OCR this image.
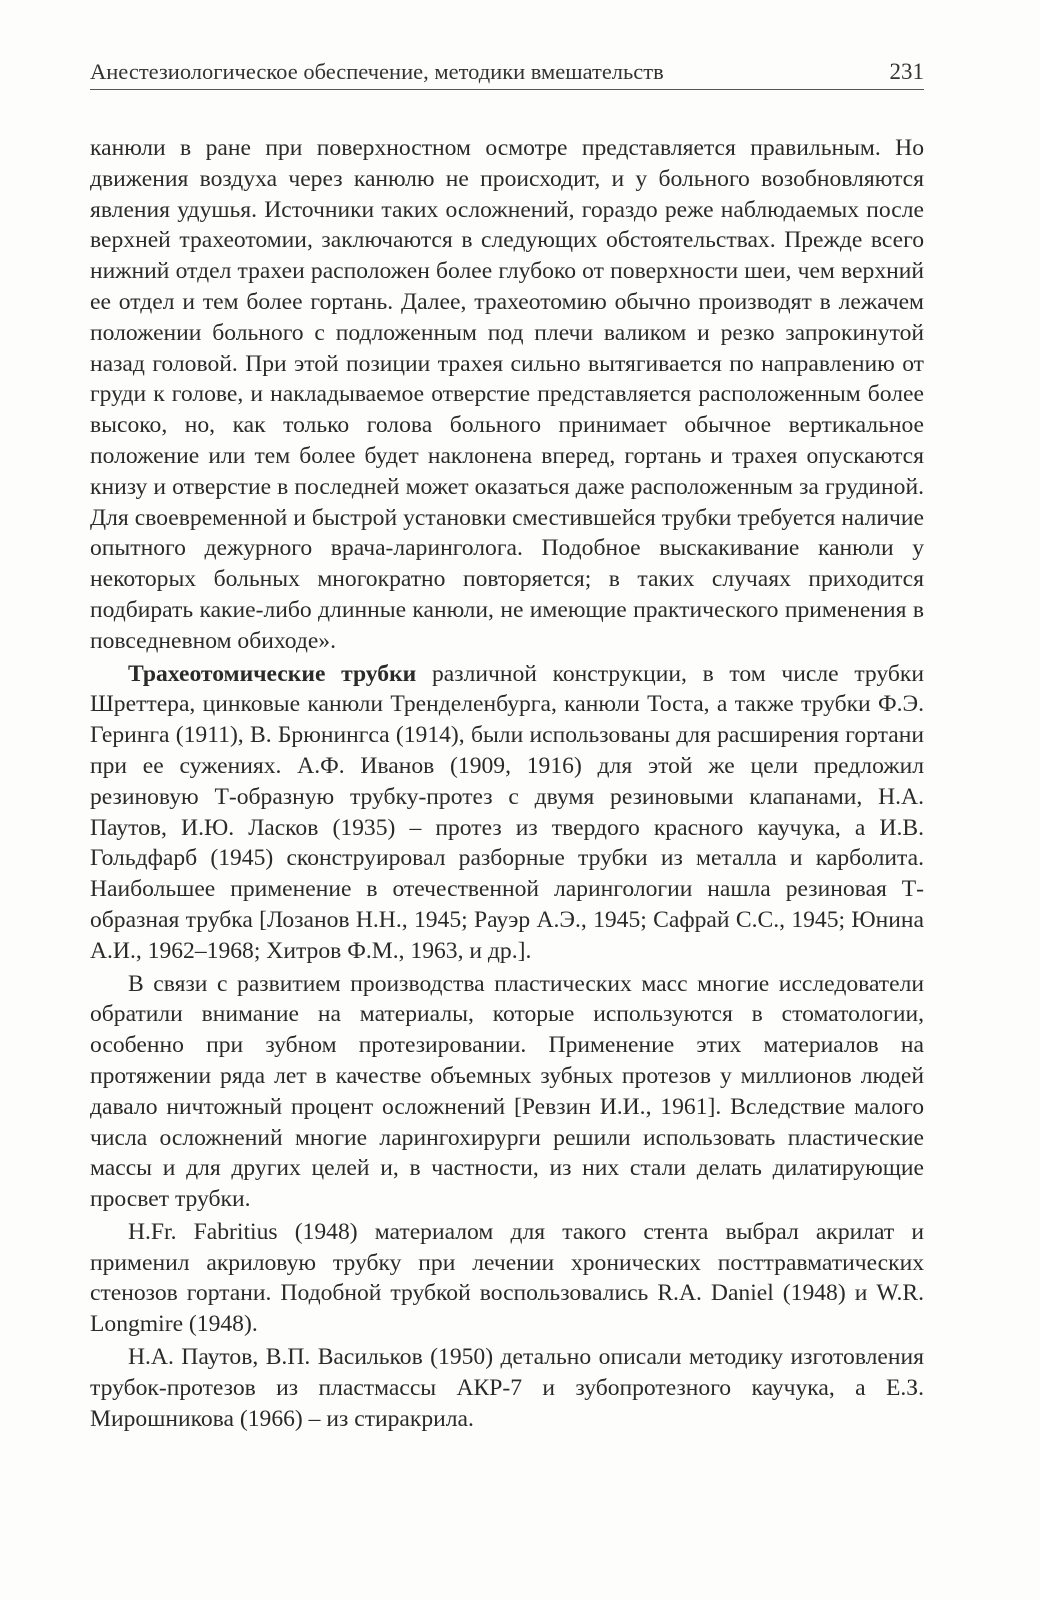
Анестезиологическое обеспечение, методики вмешательств	231

канюли в ране при поверхностном осмотре представляется правильным. Но движения воздуха через канюлю не происходит, и у больного возобновляются явления удушья. Источники таких осложнений, гораздо реже наблюдаемых после верхней трахеотомии, заключаются в следующих обстоятельствах. Прежде всего нижний отдел трахеи расположен более глубоко от поверхности шеи, чем верхний ее отдел и тем более гортань. Далее, трахеотомию обычно производят в лежачем положении больного с подложенным под плечи валиком и резко запрокинутой назад головой. При этой позиции трахея сильно вытягивается по направлению от груди к голове, и накладываемое отверстие представляется расположенным более высоко, но, как только голова больного принимает обычное вертикальное положение или тем более будет наклонена вперед, гортань и трахея опускаются книзу и отверстие в последней может оказаться даже расположенным за грудиной. Для своевременной и быстрой установки сместившейся трубки требуется наличие опытного дежурного врача-ларинголога. Подобное выскакивание канюли у некоторых больных многократно повторяется; в таких случаях приходится подбирать какие-либо длинные канюли, не имеющие практического применения в повседневном обиходе».

Трахеотомические трубки различной конструкции, в том числе трубки Шреттера, цинковые канюли Тренделенбурга, канюли Тоста, а также трубки Ф.Э. Геринга (1911), В. Брюнингса (1914), были использованы для расширения гортани при ее сужениях. А.Ф. Иванов (1909, 1916) для этой же цели предложил резиновую Т-образную трубку-протез с двумя резиновыми клапанами, Н.А. Паутов, И.Ю. Ласков (1935) – протез из твердого красного каучука, а И.В. Гольдфарб (1945) сконструировал разборные трубки из металла и карболита. Наибольшее применение в отечественной ларингологии нашла резиновая Т-образная трубка [Лозанов Н.Н., 1945; Рауэр А.Э., 1945; Сафрай С.С., 1945; Юнина А.И., 1962–1968; Хитров Ф.М., 1963, и др.].

В связи с развитием производства пластических масс многие исследователи обратили внимание на материалы, которые используются в стоматологии, особенно при зубном протезировании. Применение этих материалов на протяжении ряда лет в качестве объемных зубных протезов у миллионов людей давало ничтожный процент осложнений [Ревзин И.И., 1961]. Вследствие малого числа осложнений многие ларингохирурги решили использовать пластические массы и для других целей и, в частности, из них стали делать дилатирующие просвет трубки.

H.Fr. Fabritius (1948) материалом для такого стента выбрал акрилат и применил акриловую трубку при лечении хронических посттравматических стенозов гортани. Подобной трубкой воспользовались R.A. Daniel (1948) и W.R. Longmire (1948).

Н.А. Паутов, В.П. Васильков (1950) детально описали методику изготовления трубок-протезов из пластмассы АКР-7 и зубопротезного каучука, а Е.З. Мирошникова (1966) – из стиракрила.
